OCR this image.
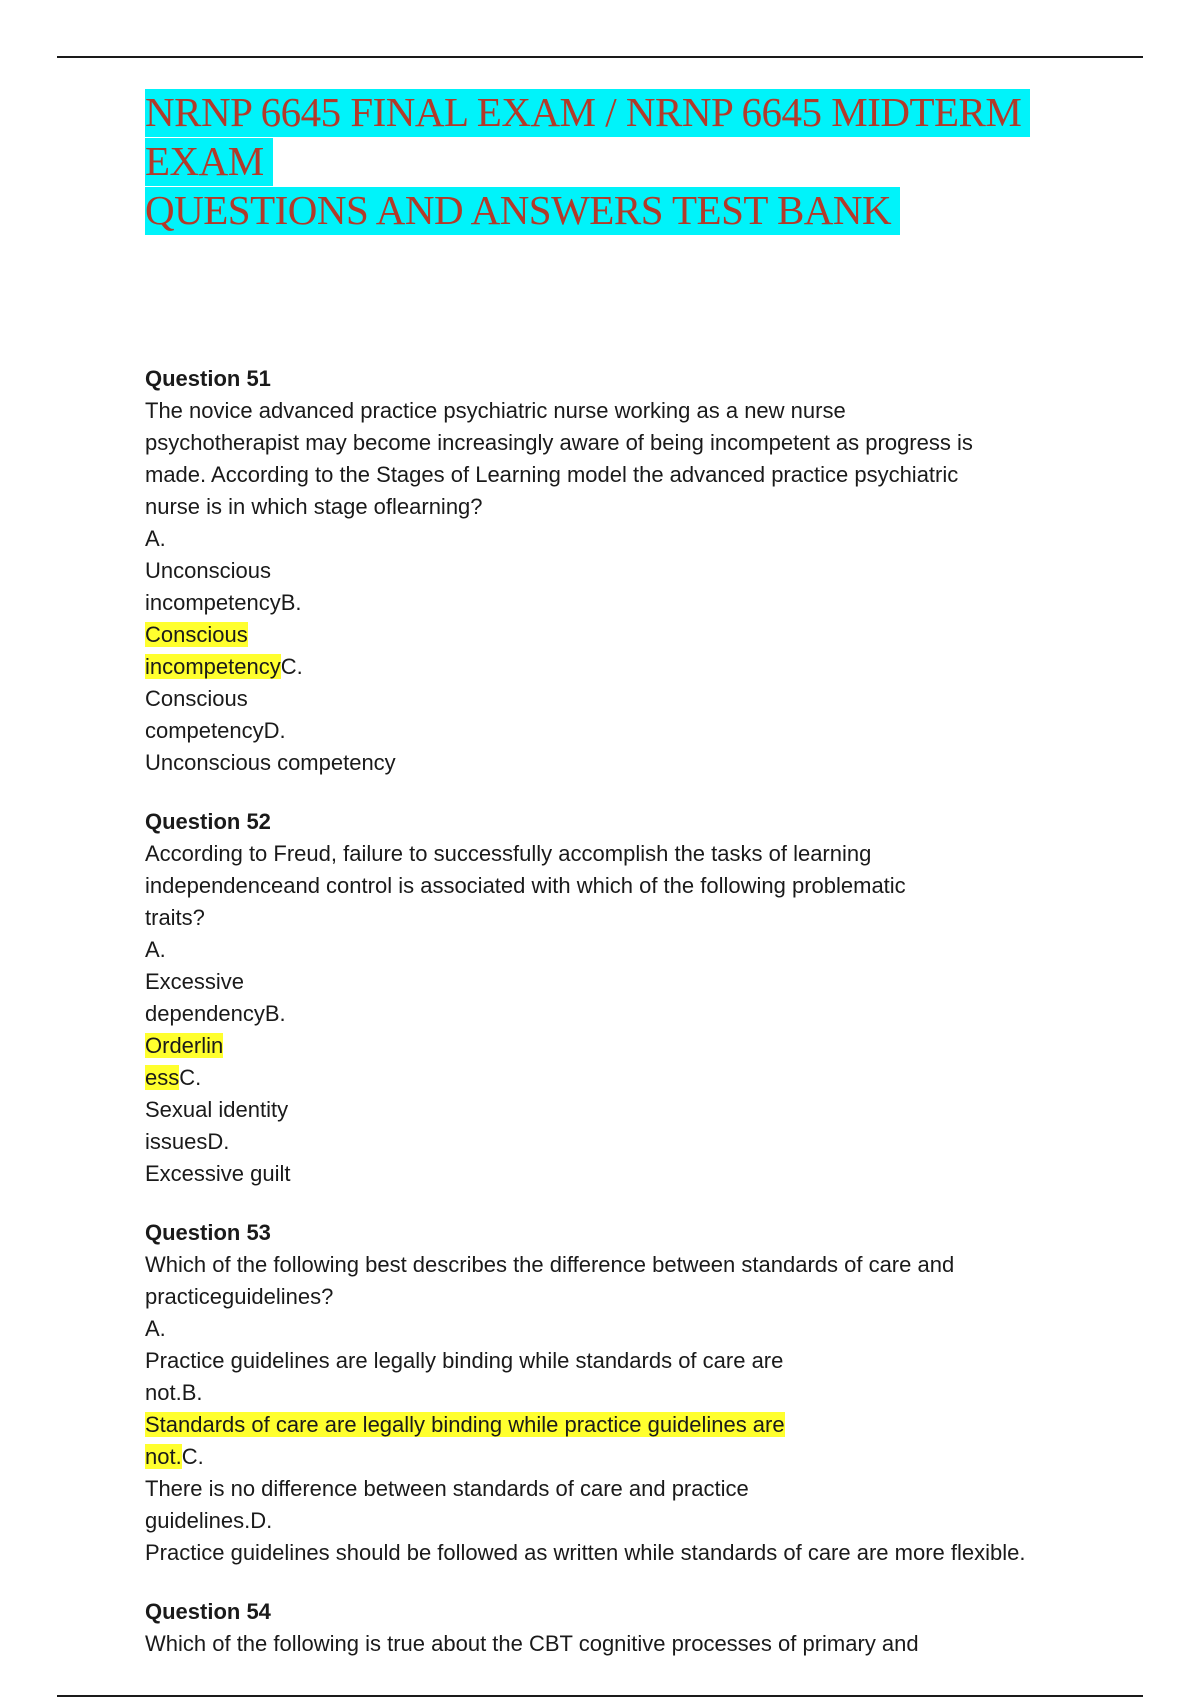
NRNP 6645 FINAL EXAM / NRNP 6645 MIDTERM
EXAM
QUESTIONS AND ANSWERS TEST BANK
Question 51
The novice advanced practice psychiatric nurse working as a new nurse
psychotherapist may become increasingly aware of being incompetent as progress is
made. According to the Stages of Learning model the advanced practice psychiatric
nurse is in which stage oflearning?
A.
Unconscious
incompetencyB.
Conscious
incompetencyC.
Conscious
competencyD.
Unconscious competency
Question 52
According to Freud, failure to successfully accomplish the tasks of learning
independenceand control is associated with which of the following problematic
traits?
A.
Excessive
dependencyB.
Orderlin
essC.
Sexual identity
issuesD.
Excessive guilt
Question 53
Which of the following best describes the difference between standards of care and
practiceguidelines?
A.
Practice guidelines are legally binding while standards of care are
not.B.
Standards of care are legally binding while practice guidelines are
not.C.
There is no difference between standards of care and practice
guidelines.D.
Practice guidelines should be followed as written while standards of care are more flexible.
Question 54
Which of the following is true about the CBT cognitive processes of primary and
